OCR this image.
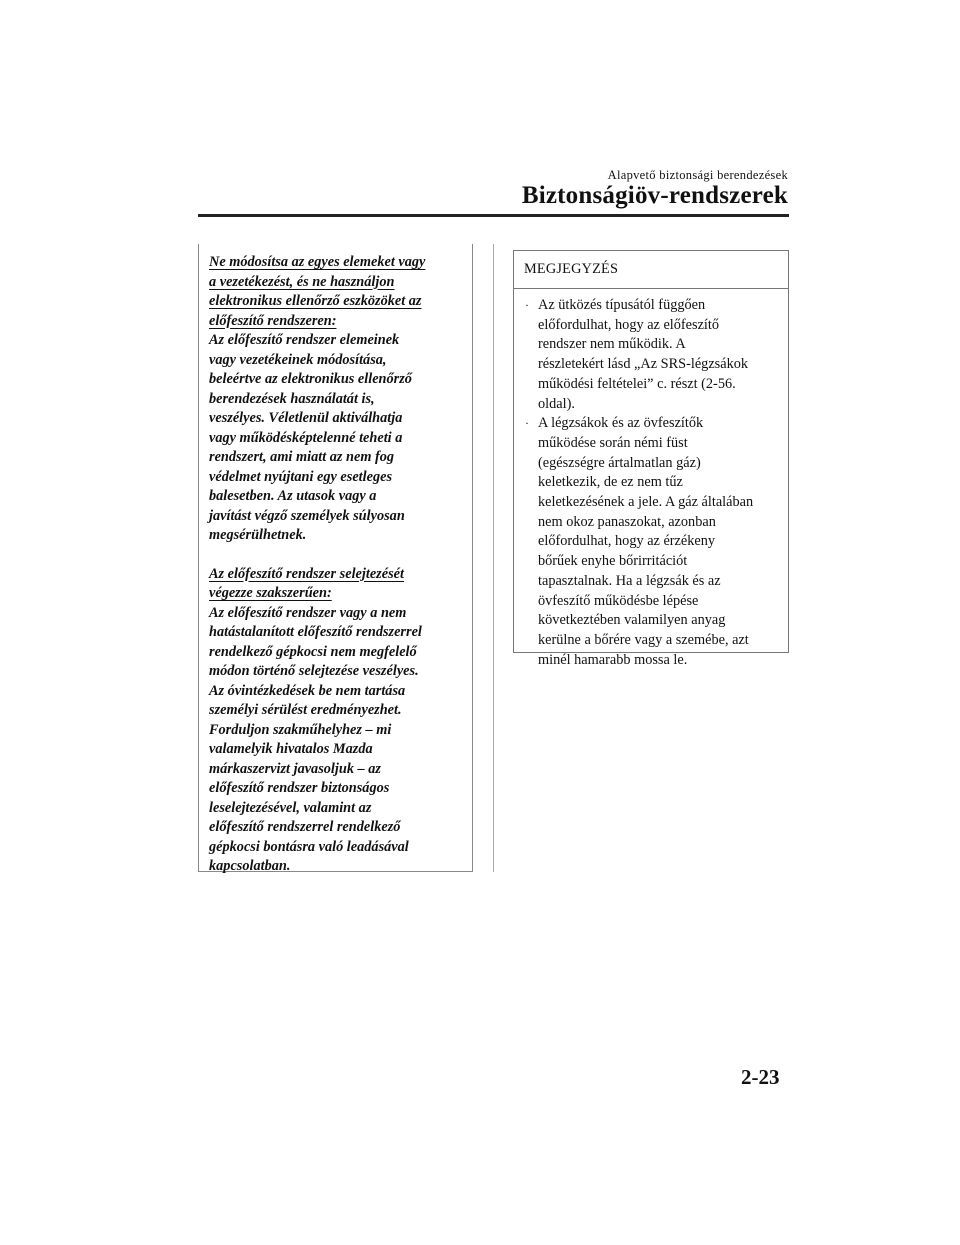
Alapvető biztonsági berendezések
Biztonságiöv-rendszerek

Ne módosítsa az egyes elemeket vagy

a vezetékezést, és ne használjon

elektronikus ellenőrző eszközöket az

előfeszítő rendszeren:

Az előfeszítő rendszer elemeinek

vagy vezetékeinek módosítása,

beleértve az elektronikus ellenőrző

berendezések használatát is,

veszélyes. Véletlenül aktiválhatja

vagy működésképtelenné teheti a

rendszert, ami miatt az nem fog

védelmet nyújtani egy esetleges

balesetben. Az utasok vagy a

javítást végző személyek súlyosan

megsérülhetnek.

Az előfeszítő rendszer selejtezését

végezze szakszerűen:

Az előfeszítő rendszer vagy a nem

hatástalanított előfeszítő rendszerrel

rendelkező gépkocsi nem megfelelő

módon történő selejtezése veszélyes.

Az óvintézkedések be nem tartása

személyi sérülést eredményezhet.

Forduljon szakműhelyhez – mi

valamelyik hivatalos Mazda

márkaszervizt javasoljuk – az

előfeszítő rendszer biztonságos

leselejtezésével, valamint az

előfeszítő rendszerrel rendelkező

gépkocsi bontásra való leadásával

kapcsolatban.

MEGJEGYZÉS
· Az ütközés típusától függően
előfordulhat, hogy az előfeszítő
rendszer nem működik. A
részletekért lásd „Az SRS-légzsákok
működési feltételei” c. részt (2-56.
oldal).
· A légzsákok és az övfeszítők
működése során némi füst
(egészségre ártalmatlan gáz)
keletkezik, de ez nem tűz
keletkezésének a jele. A gáz általában
nem okoz panaszokat, azonban
előfordulhat, hogy az érzékeny
bőrűek enyhe bőrirritációt
tapasztalnak. Ha a légzsák és az
övfeszítő működésbe lépése
következtében valamilyen anyag
kerülne a bőrére vagy a szemébe, azt
minél hamarabb mossa le.
2-23
